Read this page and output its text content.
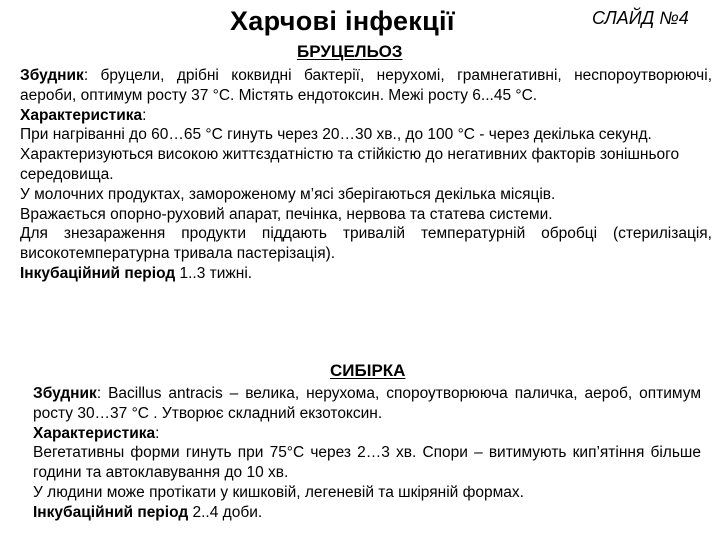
Харчові інфекції	СЛАЙД №4
БРУЦЕЛЬОЗ

Збудник: бруцели, дрібні коквидні бактерії, нерухомі, грамнегативні, неспороутворюючі, аероби, оптимум росту 37 °С. Містять ендотоксин. Межі росту 6...45 °С.

Характеристика:

При нагріванні до 60…65 °С гинуть через 20…30 хв., до 100 °С - через декілька секунд.

Характеризуються високою життєздатністю та стійкістю до негативних факторів зонішнього середовища.

У молочних продуктах, замороженому м’ясі зберігаються декілька місяців.

Вражається опорно-руховий апарат, печінка, нервова та статева системи.

Для знезараження продукти піддають тривалій температурній обробці (стерилізація, високотемпературна тривала пастерізація).

Інкубаційний період 1..3 тижні.

СИБІРКА

Збудник: Bacillus antracis – велика, нерухома, спороутворююча паличка, аероб, оптимум росту 30…37 °С . Утворює складний екзотоксин.

Характеристика:

Вегетативны форми гинуть при 75°С через 2…3 хв. Спори – витимують кип’ятіння більше години та автоклавування до 10 хв.

У людини може протікати у кишковій, легеневій та шкіряній формах.

Інкубаційний період 2..4 доби.
